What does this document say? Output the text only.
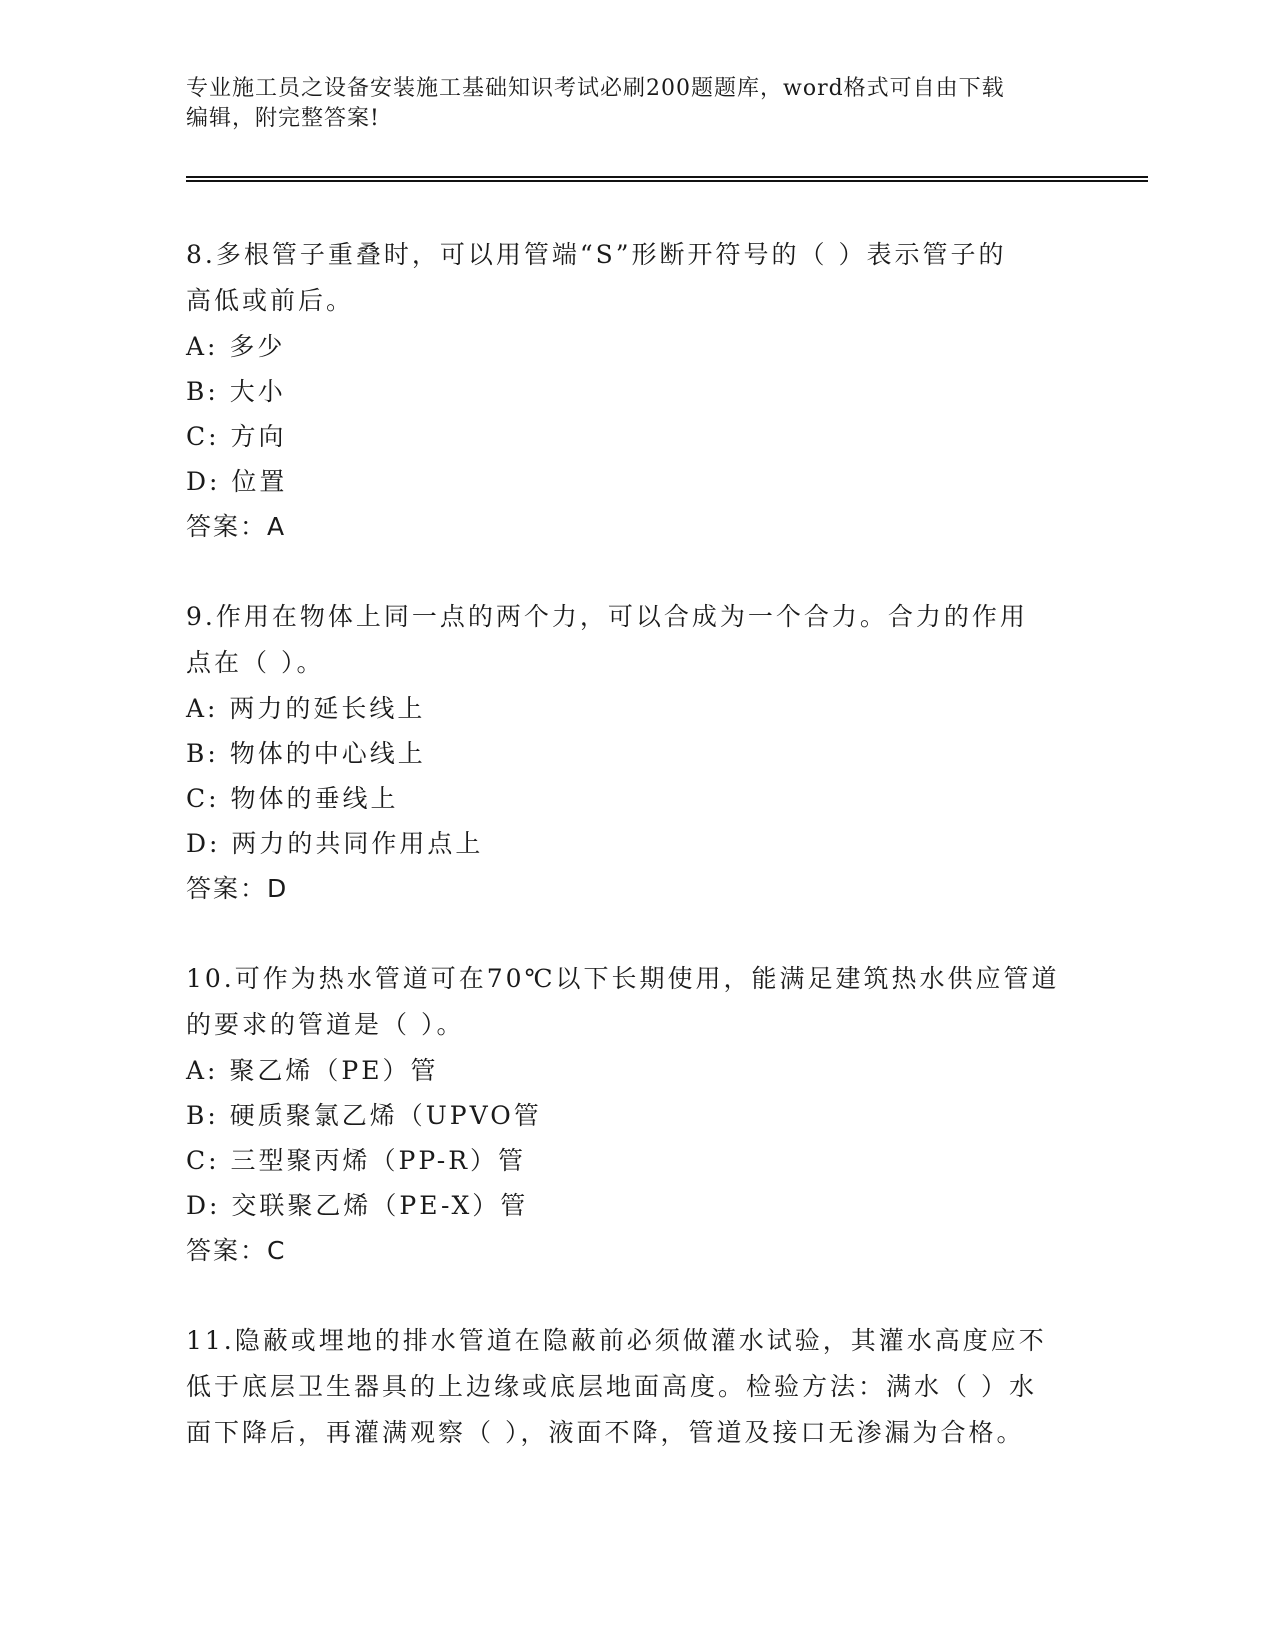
专业施工员之设备安装施工基础知识考试必刷200题题库，word格式可自由下载
编辑，附完整答案!

8.多根管子重叠时，可以用管端“S”形断开符号的（ ）表示管子的

高低或前后。

A: 多少

B: 大小

C: 方向

D: 位置

答案：A

9.作用在物体上同一点的两个力，可以合成为一个合力。合力的作用

点在（ ）。

A: 两力的延长线上

B: 物体的中心线上

C: 物体的垂线上

D: 两力的共同作用点上

答案：D

10.可作为热水管道可在70℃以下长期使用，能满足建筑热水供应管道

的要求的管道是（ ）。

A: 聚乙烯（PE）管

B: 硬质聚氯乙烯（UPVO管

C: 三型聚丙烯（PP-R）管

D: 交联聚乙烯（PE-X）管

答案：C

11.隐蔽或埋地的排水管道在隐蔽前必须做灌水试验，其灌水高度应不

低于底层卫生器具的上边缘或底层地面高度。检验方法：满水（ ）水

面下降后，再灌满观察（ ），液面不降，管道及接口无渗漏为合格。
